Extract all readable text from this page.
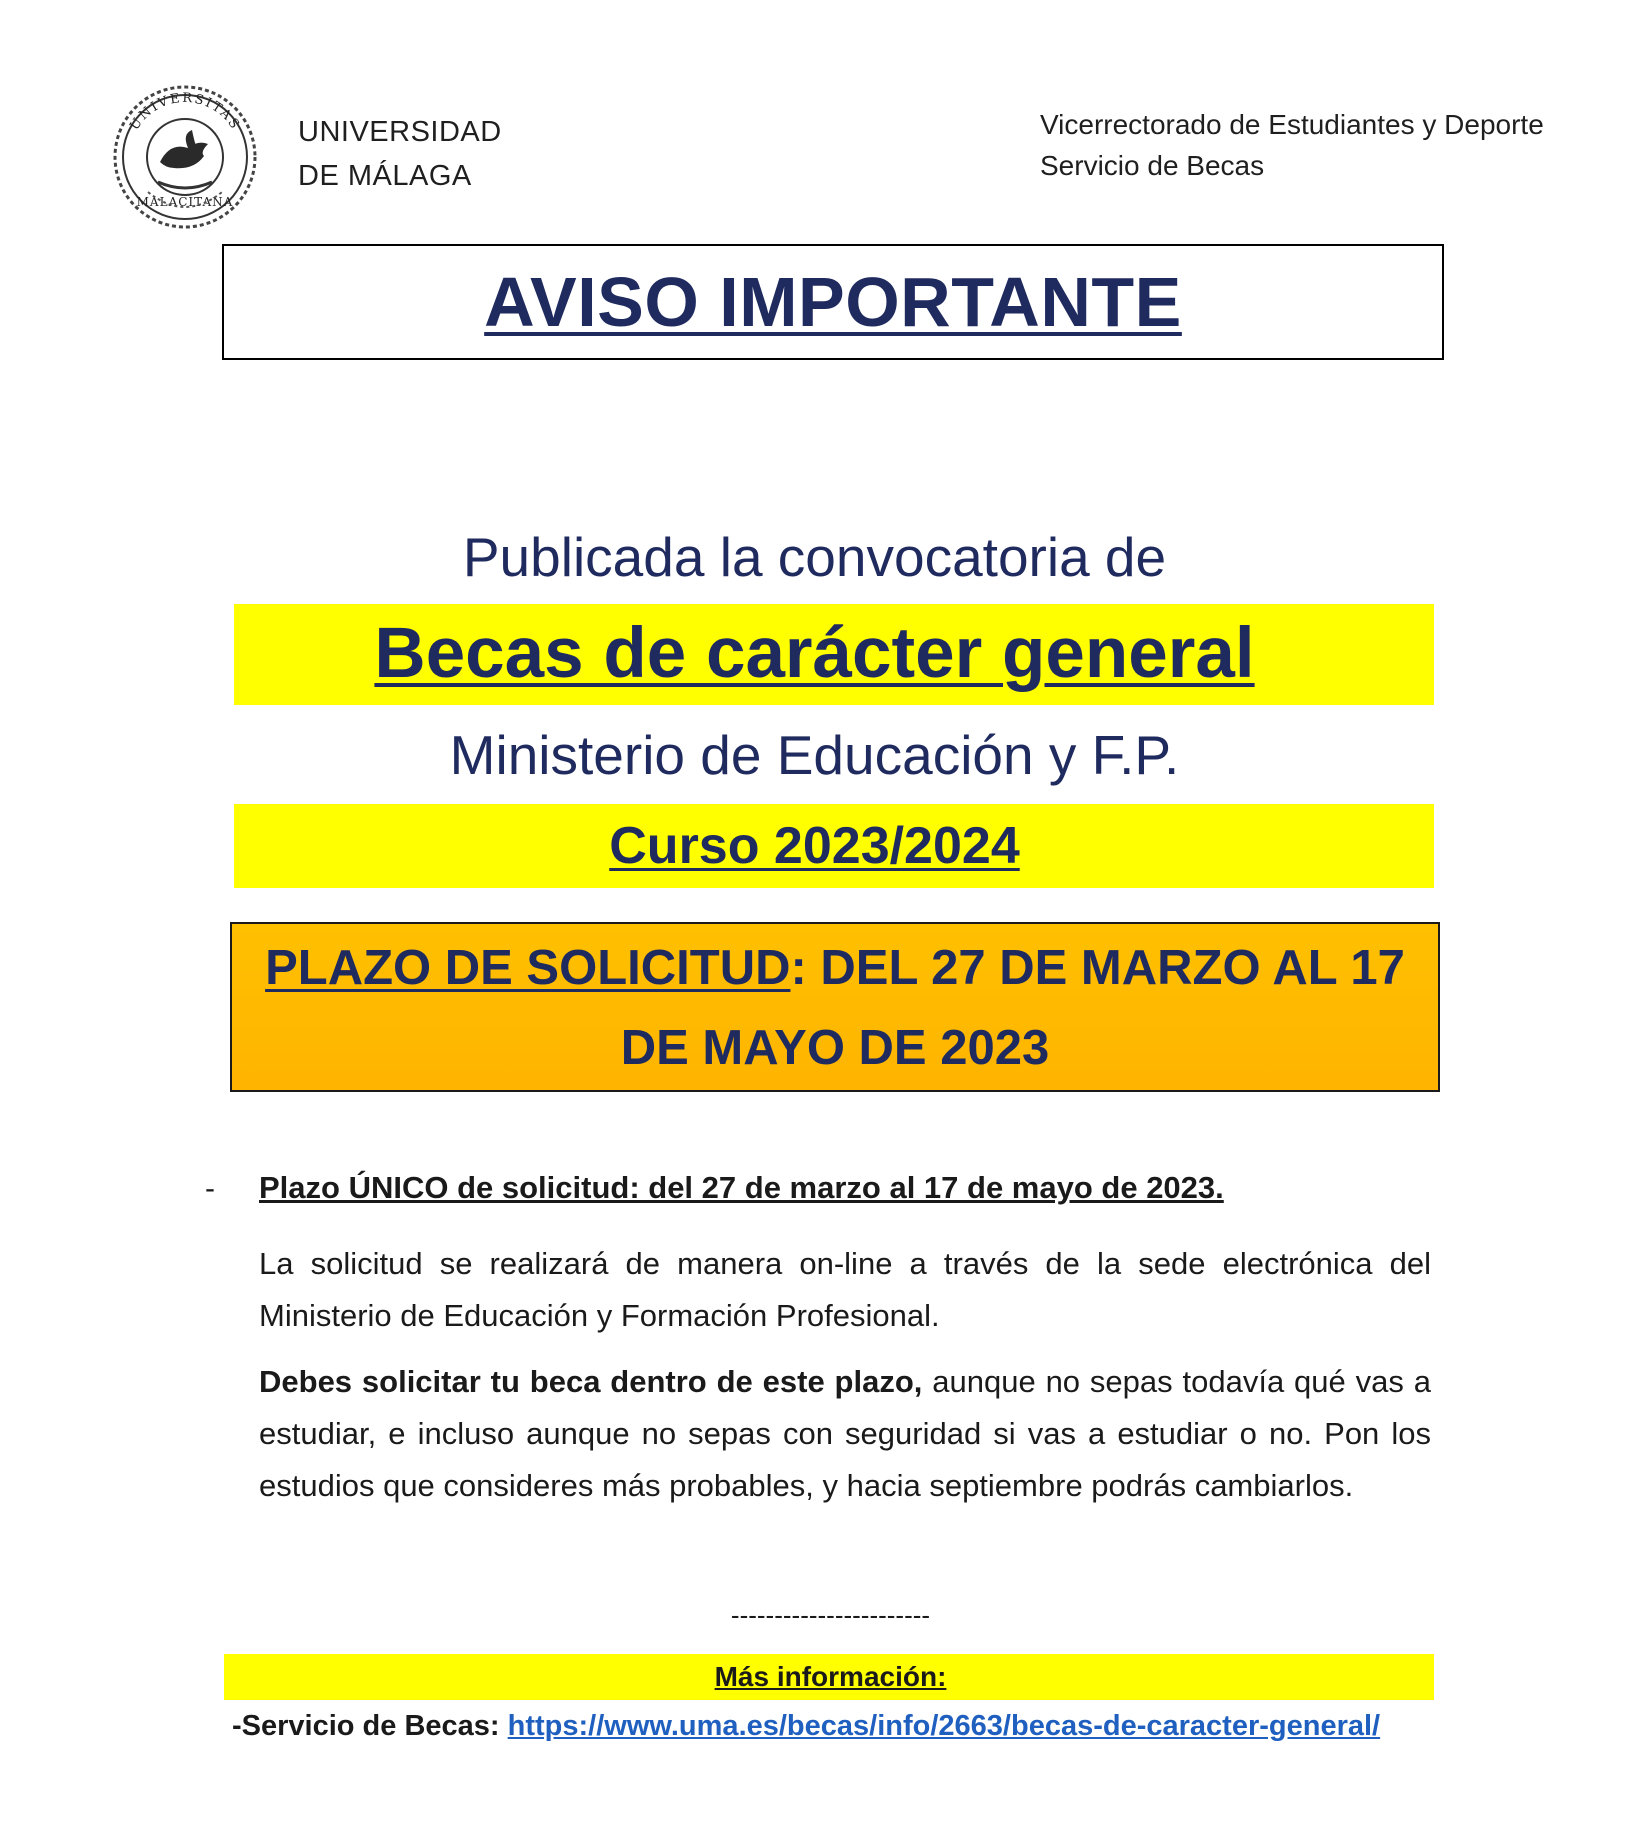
UNIVERSITAS
MALACITANA
UNIVERSIDAD
DE MÁLAGA
Vicerrectorado de Estudiantes y Deporte
Servicio de Becas
AVISO IMPORTANTE
Publicada la convocatoria de
Becas de carácter general
Ministerio de Educación y F.P.
Curso 2023/2024
PLAZO DE SOLICITUD: DEL 27 DE MARZO AL 17
DE MAYO DE 2023
- Plazo ÚNICO de solicitud: del 27 de marzo al 17 de mayo de 2023.
La solicitud se realizará de manera on-line a través de la sede electrónica del Ministerio de Educación y Formación Profesional.
Debes solicitar tu beca dentro de este plazo, aunque no sepas todavía qué vas a estudiar, e incluso aunque no sepas con seguridad si vas a estudiar o no. Pon los estudios que consideres más probables, y hacia septiembre podrás cambiarlos.
-----------------------
Más información:
-Servicio de Becas: https://www.uma.es/becas/info/2663/becas-de-caracter-general/
